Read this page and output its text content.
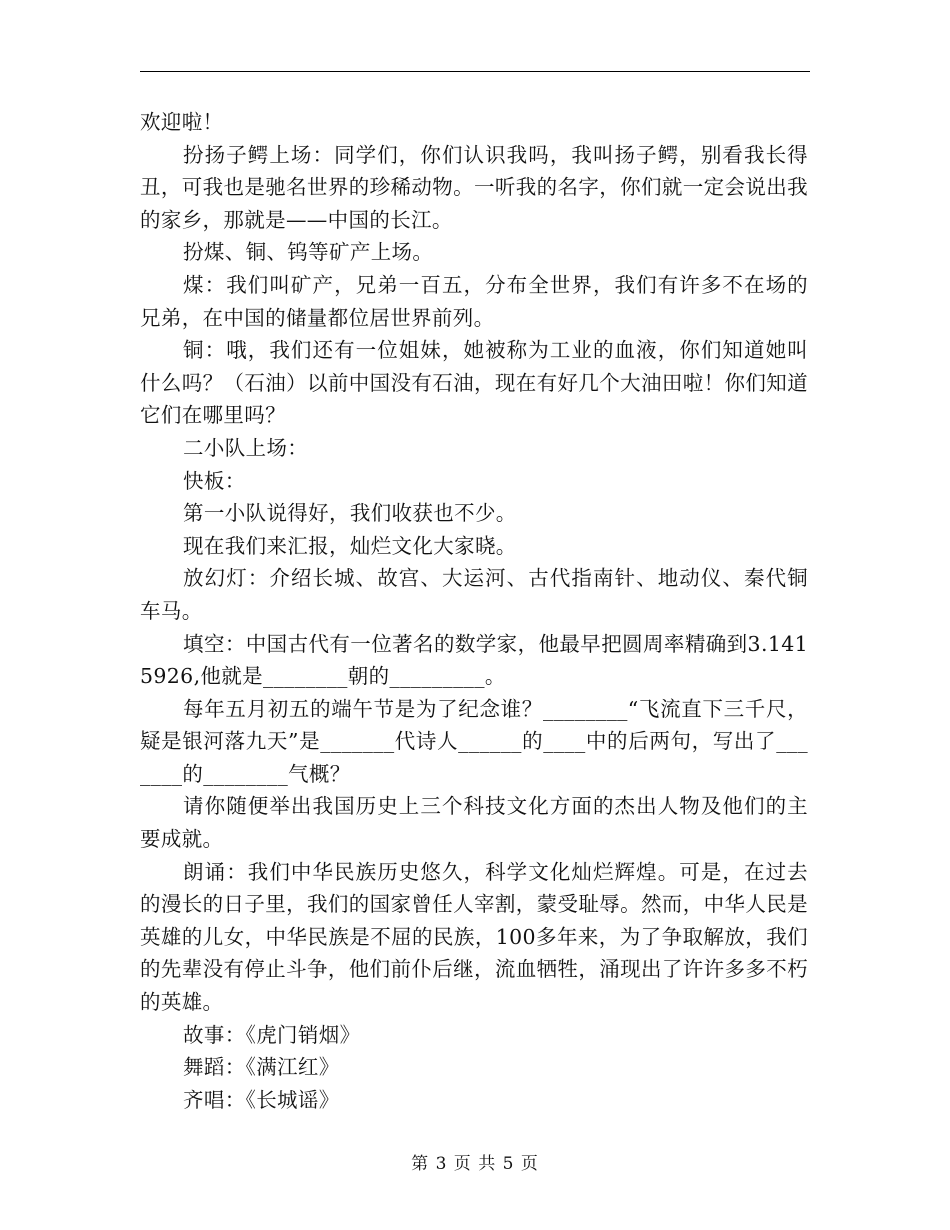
欢迎啦！

扮扬子鳄上场：同学们，你们认识我吗，我叫扬子鳄，别看我长得丑，可我也是驰名世界的珍稀动物。一听我的名字，你们就一定会说出我的家乡，那就是——中国的长江。

扮煤、铜、钨等矿产上场。

煤：我们叫矿产，兄弟一百五，分布全世界，我们有许多不在场的兄弟，在中国的储量都位居世界前列。

铜：哦，我们还有一位姐妹，她被称为工业的血液，你们知道她叫什么吗？（石油）以前中国没有石油，现在有好几个大油田啦！你们知道它们在哪里吗？

二小队上场：

快板：

第一小队说得好，我们收获也不少。

现在我们来汇报，灿烂文化大家晓。

放幻灯：介绍长城、故宫、大运河、古代指南针、地动仪、秦代铜车马。

填空：中国古代有一位著名的数学家，他最早把圆周率精确到3.1415926,他就是________朝的_________。

每年五月初五的端午节是为了纪念谁？________“飞流直下三千尺，疑是银河落九天”是_______代诗人______的____中的后两句，写出了_______的________气概？

请你随便举出我国历史上三个科技文化方面的杰出人物及他们的主要成就。

朗诵：我们中华民族历史悠久，科学文化灿烂辉煌。可是，在过去的漫长的日子里，我们的国家曾任人宰割，蒙受耻辱。然而，中华人民是英雄的儿女，中华民族是不屈的民族，100多年来，为了争取解放，我们的先辈没有停止斗争，他们前仆后继，流血牺牲，涌现出了许许多多不朽的英雄。

故事：《虎门销烟》

舞蹈：《满江红》

齐唱：《长城谣》

第 3 页 共 5 页
